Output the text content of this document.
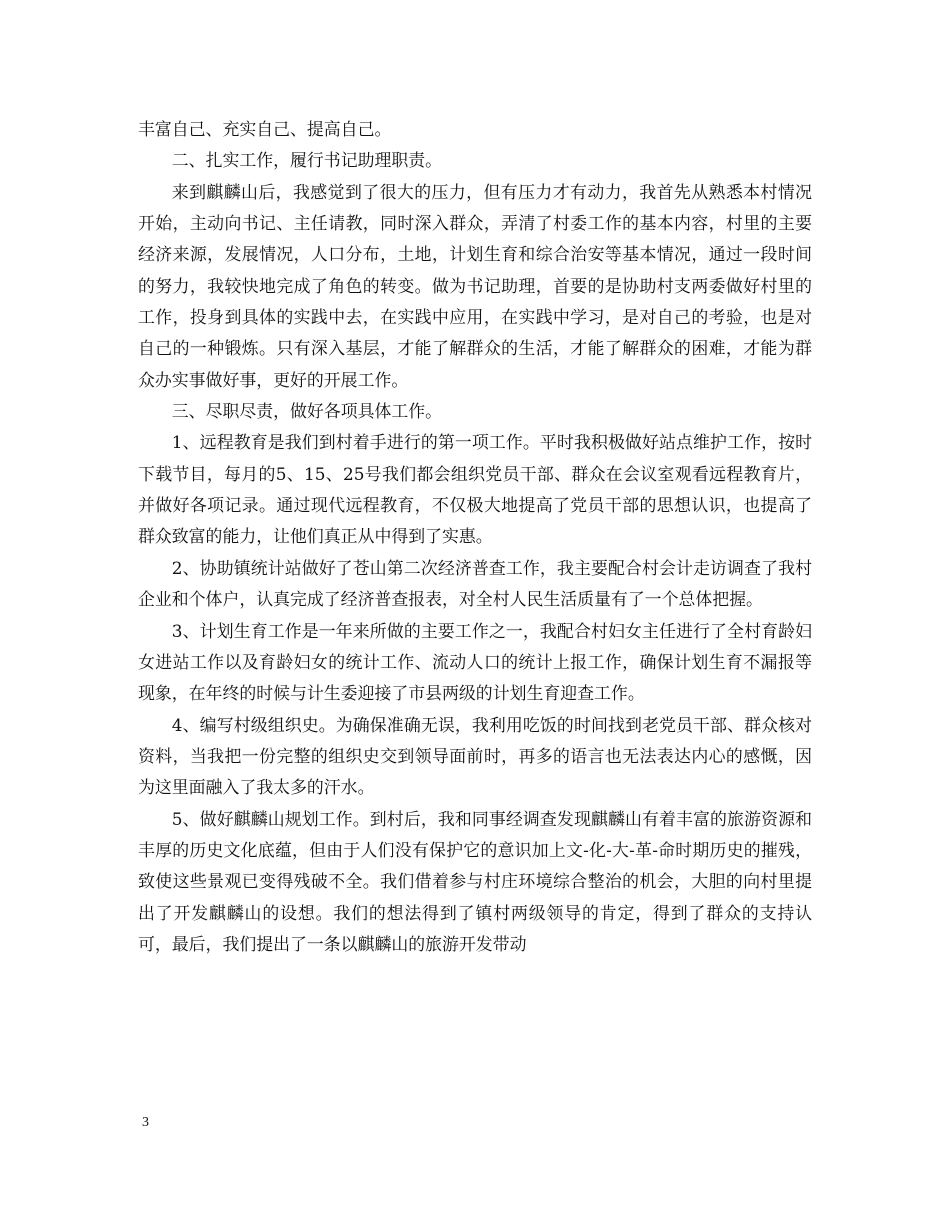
丰富自己、充实自己、提高自己。

二、扎实工作，履行书记助理职责。

来到麒麟山后，我感觉到了很大的压力，但有压力才有动力，我首先从熟悉本村情况开始，主动向书记、主任请教，同时深入群众，弄清了村委工作的基本内容，村里的主要经济来源，发展情况，人口分布，土地，计划生育和综合治安等基本情况，通过一段时间的努力，我较快地完成了角色的转变。做为书记助理，首要的是协助村支两委做好村里的工作，投身到具体的实践中去，在实践中应用，在实践中学习，是对自己的考验，也是对自己的一种锻炼。只有深入基层，才能了解群众的生活，才能了解群众的困难，才能为群众办实事做好事，更好的开展工作。

三、尽职尽责，做好各项具体工作。

1、远程教育是我们到村着手进行的第一项工作。平时我积极做好站点维护工作，按时下载节目，每月的5、15、25号我们都会组织党员干部、群众在会议室观看远程教育片，并做好各项记录。通过现代远程教育，不仅极大地提高了党员干部的思想认识，也提高了群众致富的能力，让他们真正从中得到了实惠。

2、协助镇统计站做好了苍山第二次经济普查工作，我主要配合村会计走访调查了我村企业和个体户，认真完成了经济普查报表，对全村人民生活质量有了一个总体把握。

3、计划生育工作是一年来所做的主要工作之一，我配合村妇女主任进行了全村育龄妇女进站工作以及育龄妇女的统计工作、流动人口的统计上报工作，确保计划生育不漏报等现象，在年终的时候与计生委迎接了市县两级的计划生育迎查工作。

4、编写村级组织史。为确保准确无误，我利用吃饭的时间找到老党员干部、群众核对资料，当我把一份完整的组织史交到领导面前时，再多的语言也无法表达内心的感慨，因为这里面融入了我太多的汗水。

5、做好麒麟山规划工作。到村后，我和同事经调查发现麒麟山有着丰富的旅游资源和丰厚的历史文化底蕴，但由于人们没有保护它的意识加上文-化-大-革-命时期历史的摧残，致使这些景观已变得残破不全。我们借着参与村庄环境综合整治的机会，大胆的向村里提出了开发麒麟山的设想。我们的想法得到了镇村两级领导的肯定，得到了群众的支持认可，最后，我们提出了一条以麒麟山的旅游开发带动

3
